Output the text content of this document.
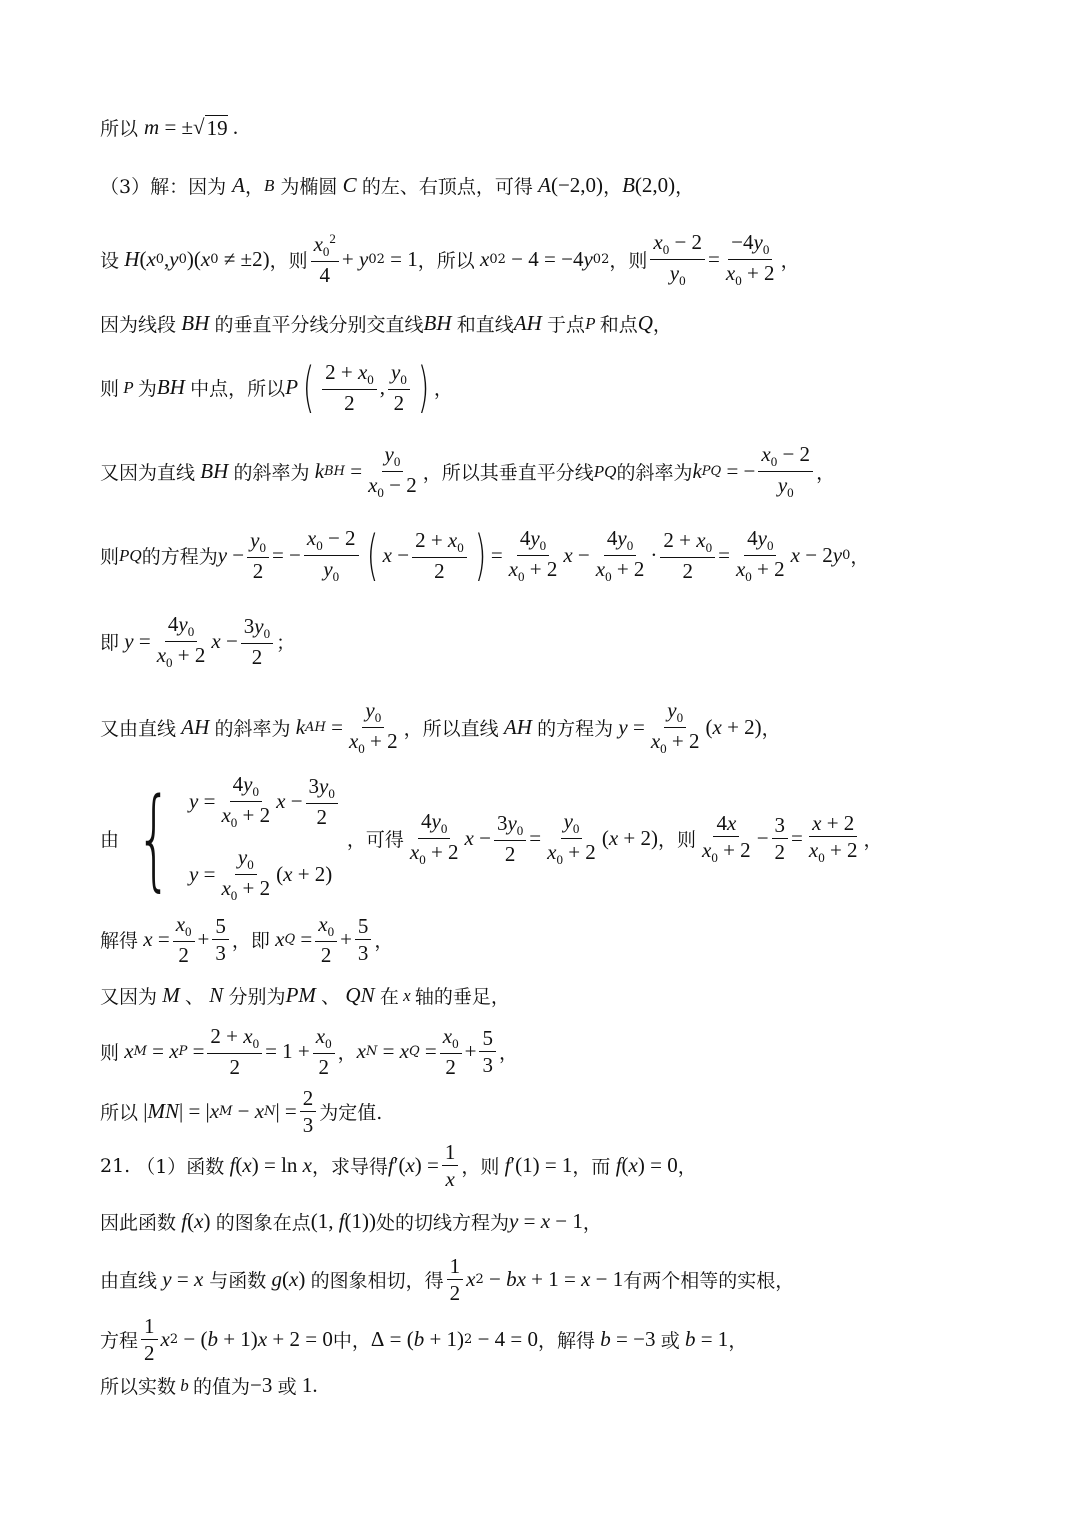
所以 m = ±√ 19 .
（3）解： 因为 A ， B 为椭圆 C 的左、右顶点，可得 A (−2,0) ， B (2,0) ，
设 H ( x 0 , y 0 )( x 0 ≠ ±2) ， 则 $\frac{x_0^2}{4} + y$ 0 2 = 1 ， 所以 x 0 2 − 4 = −4 y 0 2 ， 则 $\frac{x_0 - 2}{y_0} = \frac{-4y_0}{x_0 + 2}$ ，
因为线段 BH 的垂直平分线分别交直线 BH 和直线 AH 于点 P 和点 Q ，
则 P 为 BH 中点，所以 P ( $\frac{2 + x_0}{2}$ , $\frac{y_0}{2}$ ) ，
又因为直线 BH 的斜率为 k BH = $\frac{y_0}{x_0 - 2}$ ，所以其垂直平分线 PQ 的斜率为 k PQ = − $\frac{x_0 - 2}{y_0}$ ，
则 PQ 的方程为 $y - \frac{y_0}{2}$ = − $\frac{x_0 - 2}{y_0}$ ( $x - \frac{2 + x_0}{2}$ ) = $\frac{4y_0}{x_0 + 2}$ $x - \frac{4y_0}{x_0 + 2} \cdot \frac{2 + x_0}{2} = \frac{4y_0}{x_0 + 2}$ x − 2 y 0 ，
即 $y = \frac{4y_0}{x_0 + 2}$ $x - \frac{3y_0}{2}$ ；
又由直线 AH 的斜率为 k AH = $\frac{y_0}{x_0 + 2}$ ，所以直线 AH 的方程为 $y = \frac{y_0}{x_0 + 2}$ ( x + 2) ，
由 { $y = \frac{4y_0}{x_0 + 2}$ $x - \frac{3y_0}{2}$
$y = \frac{y_0}{x_0 + 2}$ ( x + 2)
，可得 $\frac{4y_0}{x_0 + 2}$ $x - \frac{3y_0}{2} = \frac{y_0}{x_0 + 2}$ ( x + 2) ， 则 $\frac{4x}{x_0 + 2} - \frac{3}{2} = \frac{x + 2}{x_0 + 2}$ ，
解得 $x = \frac{x_0}{2} + \frac{5}{3}$ ， 即 x $Q = \frac{x_0}{2} + \frac{5}{3}$ ，
又因为 M 、 N 分别为 PM 、 QN 在 x 轴的垂足，
则 x M = x $P = \frac{2 + x_0}{2} = 1 + \frac{x_0}{2}$ ， x N = x $Q = \frac{x_0}{2} + \frac{5}{3}$ ，
所以 | MN | = | x M − x N | = $\frac{2}{3}$ 为定值.
21. （1）函数 f ( x ) = ln x ，求导得 f ′( x ) = $\frac{1}{x}$ ， 则 f ′(1) = 1 ，而 f ( x ) = 0 ，
因此函数 f ( x ) 的图象在点 (1, f (1)) 处的切线方程为 y = x − 1 ，
由直线 y = x 与函数 g ( x ) 的图象相切，得 $\frac{1}{2}$ x 2 − bx + 1 = x − 1 有两个相等的实根，
方程 $\frac{1}{2}$ x 2 − ( b + 1) x + 2 = 0 中， Δ = ( b + 1) 2 − 4 = 0 ，解得 b = −3 或 b = 1 ，
所以实数 b 的值为 −3 或 1.
